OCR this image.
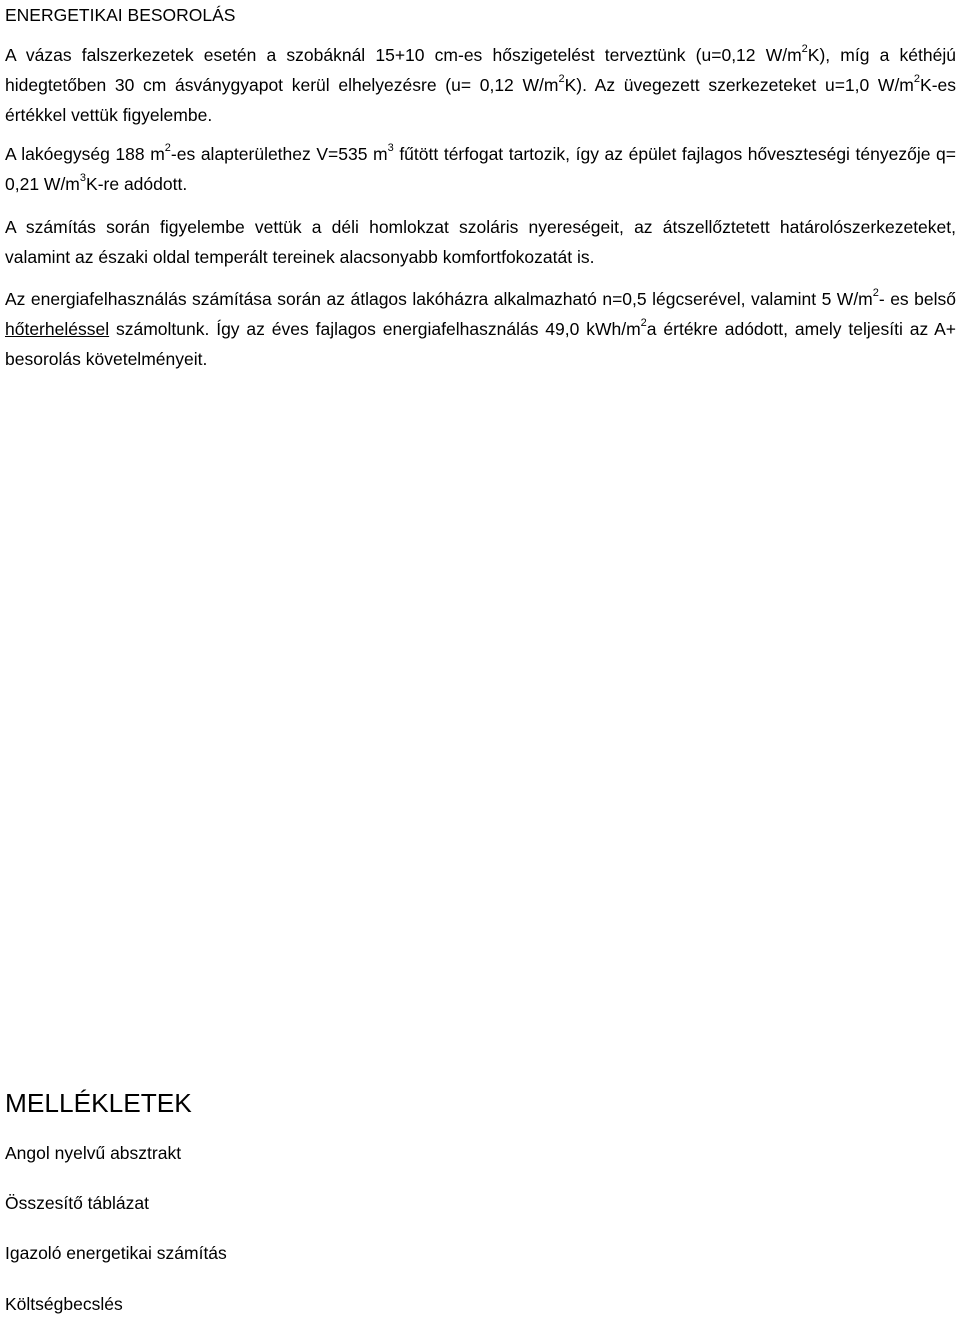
ENERGETIKAI BESOROLÁS

A vázas falszerkezetek esetén a szobáknál 15+10 cm-es hőszigetelést terveztünk (u=0,12 $W/m^2K$), míg a kéthéjú hidegtetőben 30 cm ásványgyapot kerül elhelyezésre (u= 0,12 $W/m^2K$). Az üvegezett szerkezeteket u=1,0 $W/m^2K-es$ értékkel vettük figyelembe.

A lakóegység 188 $m^2-es$ alapterülethez V=535 $m^3$ fűtött térfogat tartozik, így az épület fajlagos hőveszteségi tényezője q= 0,21 $W/m^3K-re$ adódott.

A számítás során figyelembe vettük a déli homlokzat szoláris nyereségeit, az átszellőztetett határolószerkezeteket, valamint az északi oldal temperált tereinek alacsonyabb komfortfokozatát is.

Az energiafelhasználás számítása során az átlagos lakóházra alkalmazható n=0,5 légcserével, valamint 5 $W/m^2-$ es belső hőterheléssel számoltunk. Így az éves fajlagos energiafelhasználás 49,0 kWh/$m^2a$ értékre adódott, amely teljesíti az A+ besorolás követelményeit.

MELLÉKLETEK
Angol nyelvű absztrakt
Összesítő táblázat
Igazoló energetikai számítás
Költségbecslés
